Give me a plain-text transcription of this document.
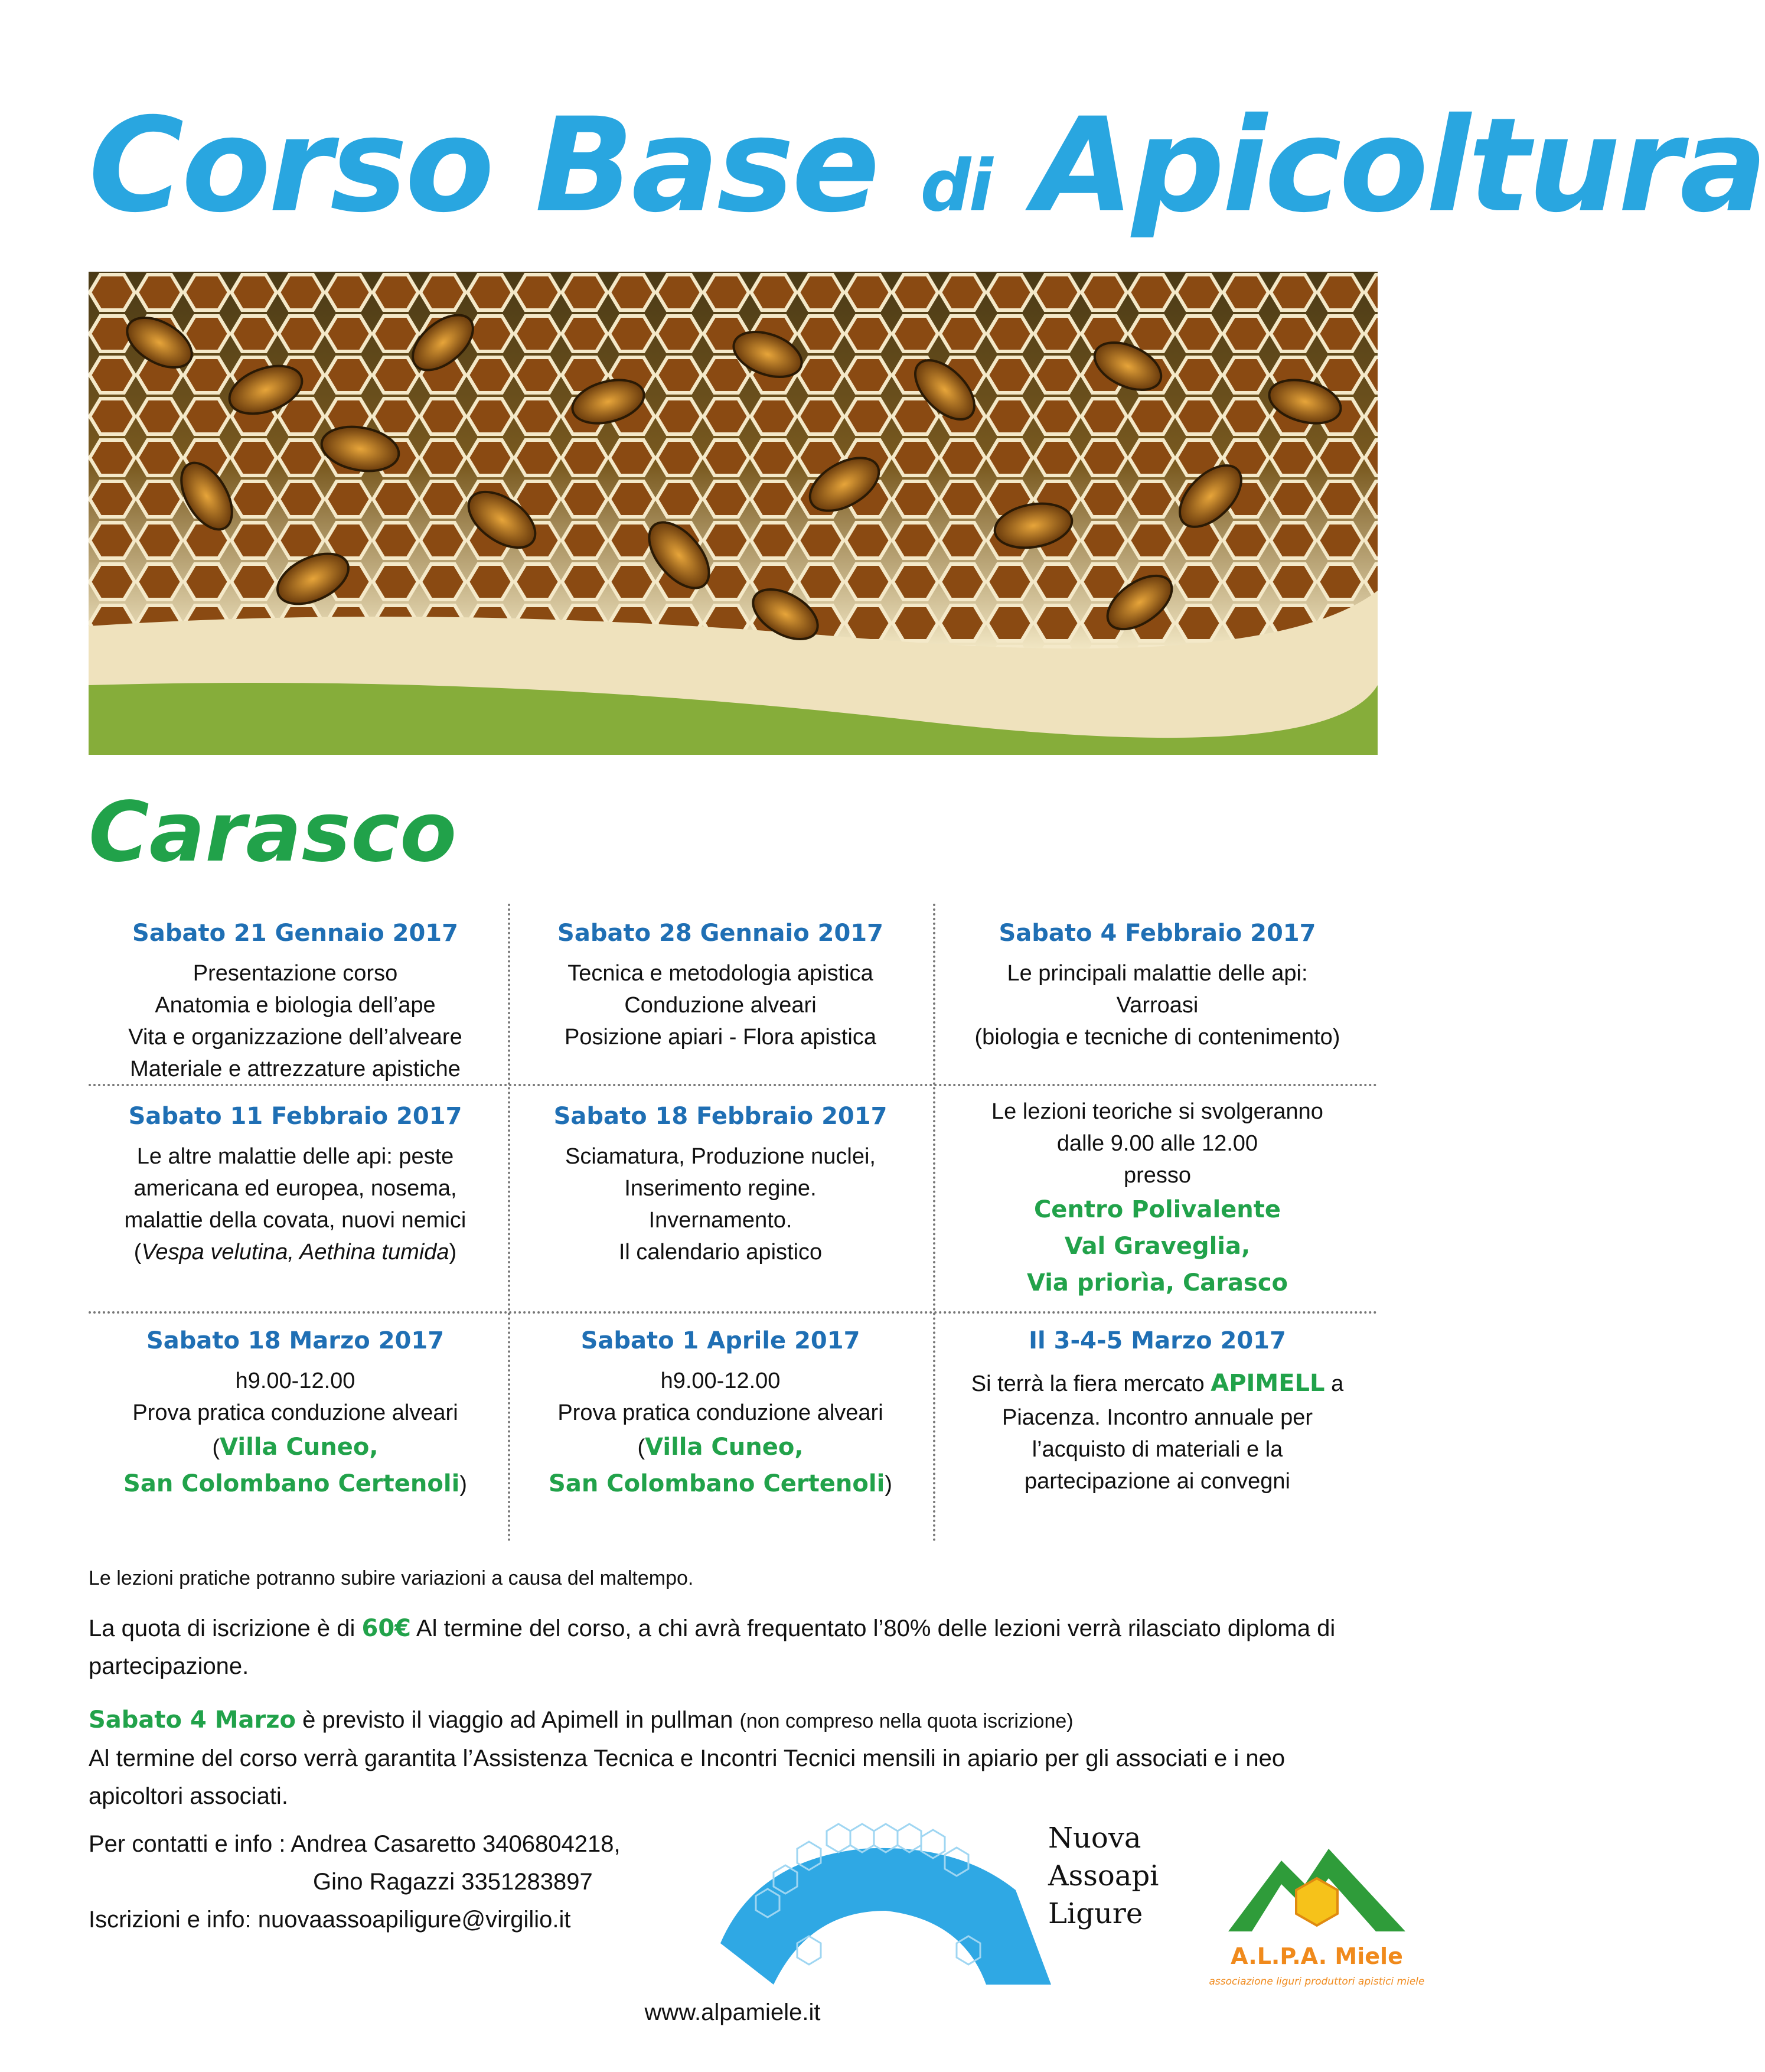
Corso Base di Apicoltura
Carasco
Sabato 21 Gennaio 2017
Presentazione corso
Anatomia e biologia dell’ape
Vita e organizzazione dell’alveare
Materiale e attrezzature apistiche
Sabato 28 Gennaio 2017
Tecnica e metodologia apistica
Conduzione alveari
Posizione apiari - Flora apistica
Sabato 4 Febbraio 2017
Le principali malattie delle api:
Varroasi
(biologia e tecniche di contenimento)
Sabato 11 Febbraio 2017
Le altre malattie delle api: peste
americana ed europea, nosema,
malattie della covata, nuovi nemici
(Vespa velutina, Aethina tumida)
Sabato 18 Febbraio 2017
Sciamatura, Produzione nuclei,
Inserimento regine.
Invernamento.
Il calendario apistico
Le lezioni teoriche si svolgeranno
dalle 9.00 alle 12.00
presso
Centro Polivalente
Val Graveglia,
Via priorìa, Carasco
Sabato 18 Marzo 2017
h9.00-12.00
Prova pratica conduzione alveari
(Villa Cuneo,
San Colombano Certenoli)
Sabato 1 Aprile 2017
h9.00-12.00
Prova pratica conduzione alveari
(Villa Cuneo,
San Colombano Certenoli)
Il 3-4-5 Marzo 2017
Si terrà la fiera mercato APIMELL a
Piacenza. Incontro annuale per
l’acquisto di materiali e la
partecipazione ai convegni
Le lezioni pratiche potranno subire variazioni a causa del maltempo.
La quota di iscrizione è di 60€ Al termine del corso, a chi avrà frequentato l’80% delle lezioni verrà rilasciato diploma di partecipazione.
Sabato 4 Marzo è previsto il viaggio ad Apimell in pullman (non compreso nella quota iscrizione)
Al termine del corso verrà garantita l’Assistenza Tecnica e Incontri Tecnici mensili in apiario per gli associati e i neo apicoltori associati.
Per contatti e info : Andrea Casaretto 3406804218,
Gino Ragazzi 3351283897
Iscrizioni e info: nuovaassoapiligure@virgilio.it
Nuova
Assoapi
Ligure
A.L.P.A. Miele
associazione liguri produttori apistici miele
www.alpamiele.it
